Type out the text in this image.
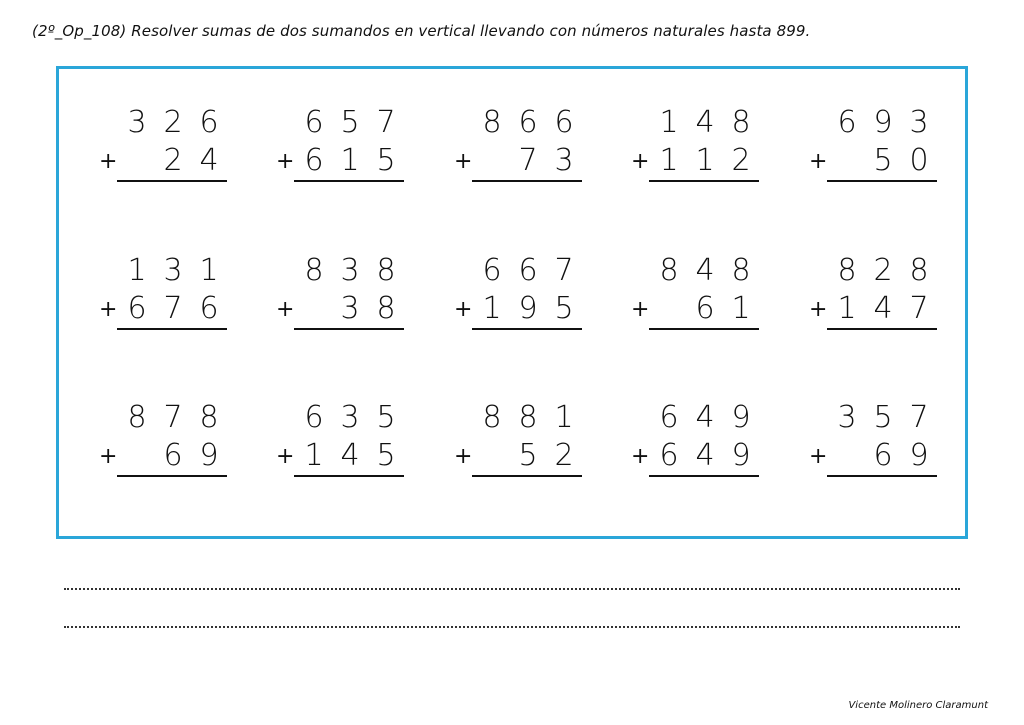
(2º_Op_108) Resolver sumas de dos sumandos en vertical llevando con números naturales hasta 899.
3 2 6

2 4
+
6 5 7
6 1 5
+
8 6 6

7 3
+
1 4 8
1 1 2
+
6 9 3

5 0
+
1 3 1
6 7 6
+
8 3 8

3 8
+
6 6 7
1 9 5
+
8 4 8

6 1
+
8 2 8
1 4 7
+
8 7 8

6 9
+
6 3 5
1 4 5
+
8 8 1

5 2
+
6 4 9
6 4 9
+
3 5 7

6 9
+
Vicente Molinero Claramunt
